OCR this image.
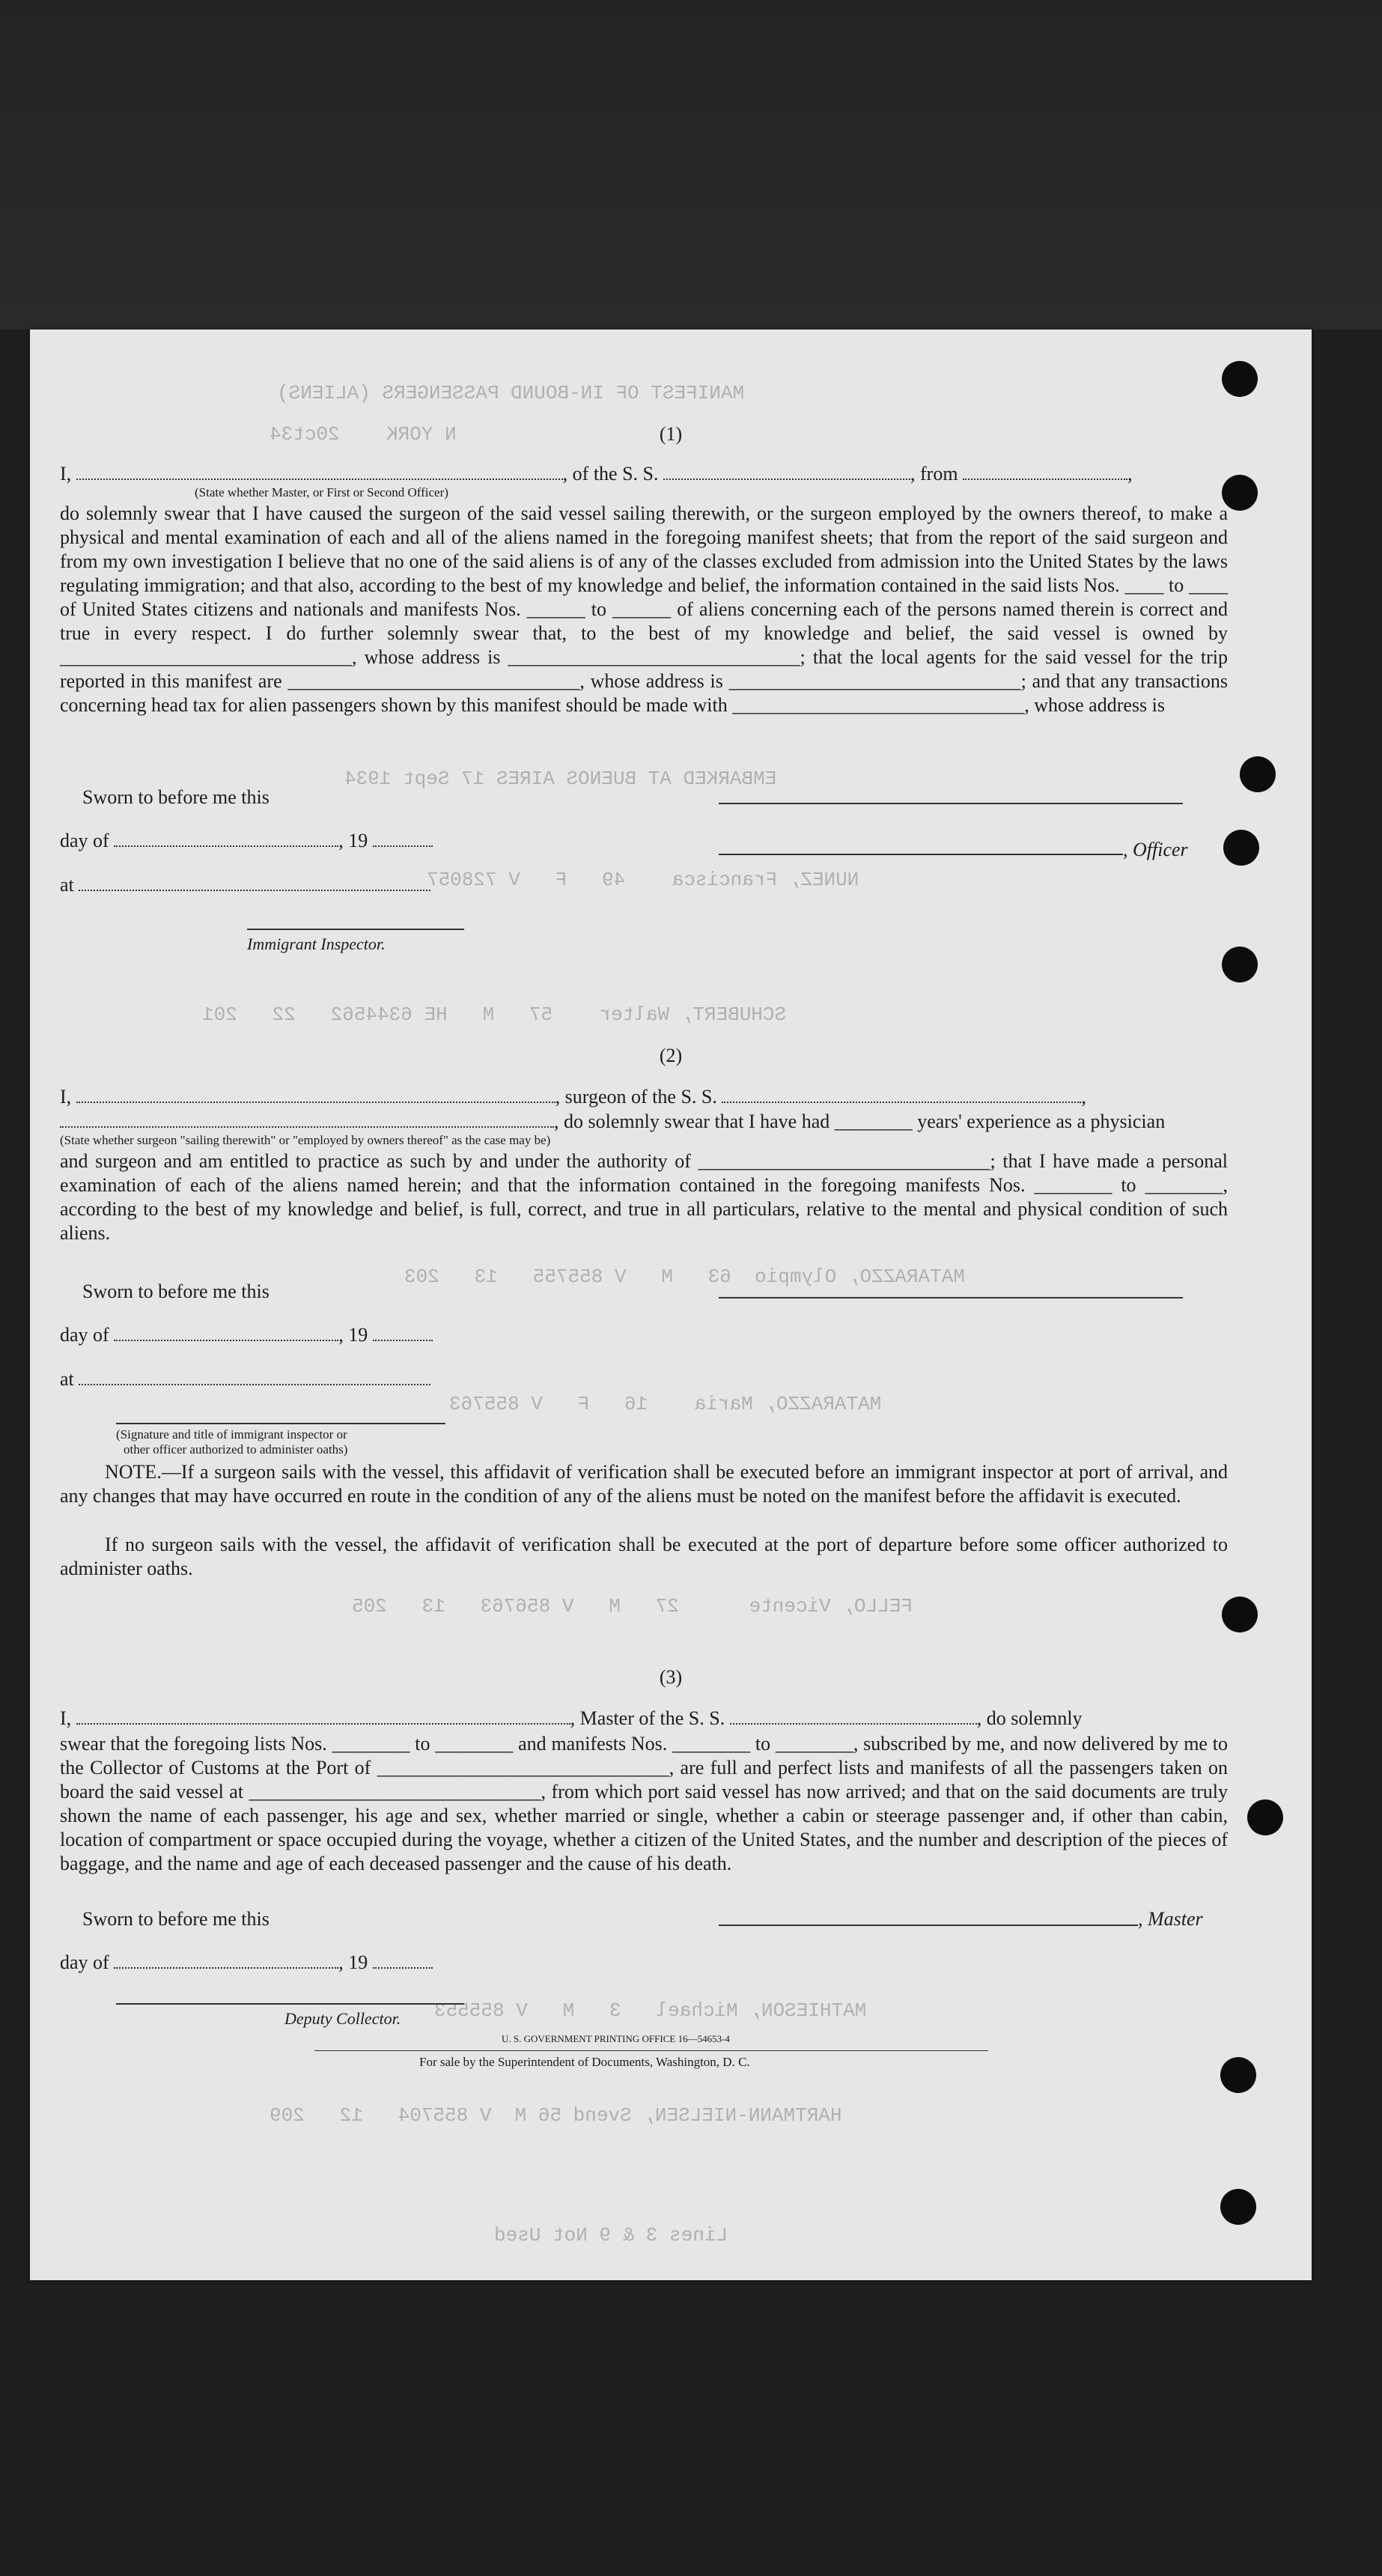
MANIFEST OF IN-BOUND PASSENGERS (ALIENS)
N YORK    20ct34
EMBARKED AT BUENOS AIRES 17 Sept 1934
NUNEZ, Francisca    49   F   V 728057
SCHUBERT, Walter    57   M   HE 6344562   22   201
MATARAZZO, Olympio  63   M   V 855755   13   203
MATARAZZO, Maria    16   F   V 855763
FELLO, Vicente      27   M   V 856763   13   205
MATHIESON, Michael   3   M   V 855553
HARTMANN-NIELSEN, Svend 56 M  V 855704   12   209
Lines 3 & 9 Not Used
(1)
I,	, of the S. S.	, from	,
(State whether Master, or First or Second Officer)
do solemnly swear that I have caused the surgeon of the said vessel sailing therewith, or the surgeon employed by the owners thereof, to make a physical and mental examination of each and all of the aliens named in the foregoing manifest sheets; that from the report of the said surgeon and from my own investigation I believe that no one of the said aliens is of any of the classes excluded from admission into the United States by the laws regulating immigration; and that also, according to the best of my knowledge and belief, the information contained in the said lists Nos. ____ to ____ of United States citizens and nationals and manifests Nos. ______ to ______ of aliens concerning each of the persons named therein is correct and true in every respect. I do further solemnly swear that, to the best of my knowledge and belief, the said vessel is owned by ______________________________, whose address is ______________________________; that the local agents for the said vessel for the trip reported in this manifest are ______________________________, whose address is ______________________________; and that any transactions concerning head tax for alien passengers shown by this manifest should be made with ______________________________, whose address is
Sworn to before me this
day of	, 19	, Officer
at
Immigrant Inspector.
(2)
I,	, surgeon of the S. S.	,
, do solemnly swear that I have had ________ years' experience as a physician
(State whether surgeon "sailing therewith" or "employed by owners thereof" as the case may be)
and surgeon and am entitled to practice as such by and under the authority of ______________________________; that I have made a personal examination of each of the aliens named herein; and that the information contained in the foregoing manifests Nos. ________ to ________, according to the best of my knowledge and belief, is full, correct, and true in all particulars, relative to the mental and physical condition of such aliens.
Sworn to before me this
day of	, 19
at
(Signature and title of immigrant inspector or
other officer authorized to administer oaths)
NOTE.—If a surgeon sails with the vessel, this affidavit of verification shall be executed before an immigrant inspector at port of arrival, and any changes that may have occurred en route in the condition of any of the aliens must be noted on the manifest before the affidavit is executed.
If no surgeon sails with the vessel, the affidavit of verification shall be executed at the port of departure before some officer authorized to administer oaths.
(3)
I,	, Master of the S. S.	, do solemnly
swear that the foregoing lists Nos. ________ to ________ and manifests Nos. ________ to ________, subscribed by me, and now delivered by me to the Collector of Customs at the Port of ______________________________, are full and perfect lists and manifests of all the passengers taken on board the said vessel at ______________________________, from which port said vessel has now arrived; and that on the said documents are truly shown the name of each passenger, his age and sex, whether married or single, whether a cabin or steerage passenger and, if other than cabin, location of compartment or space occupied during the voyage, whether a citizen of the United States, and the number and description of the pieces of baggage, and the name and age of each deceased passenger and the cause of his death.
Sworn to before me this	, Master
day of	, 19
Deputy Collector.
U. S. GOVERNMENT PRINTING OFFICE 16—54653-4
For sale by the Superintendent of Documents, Washington, D. C.
